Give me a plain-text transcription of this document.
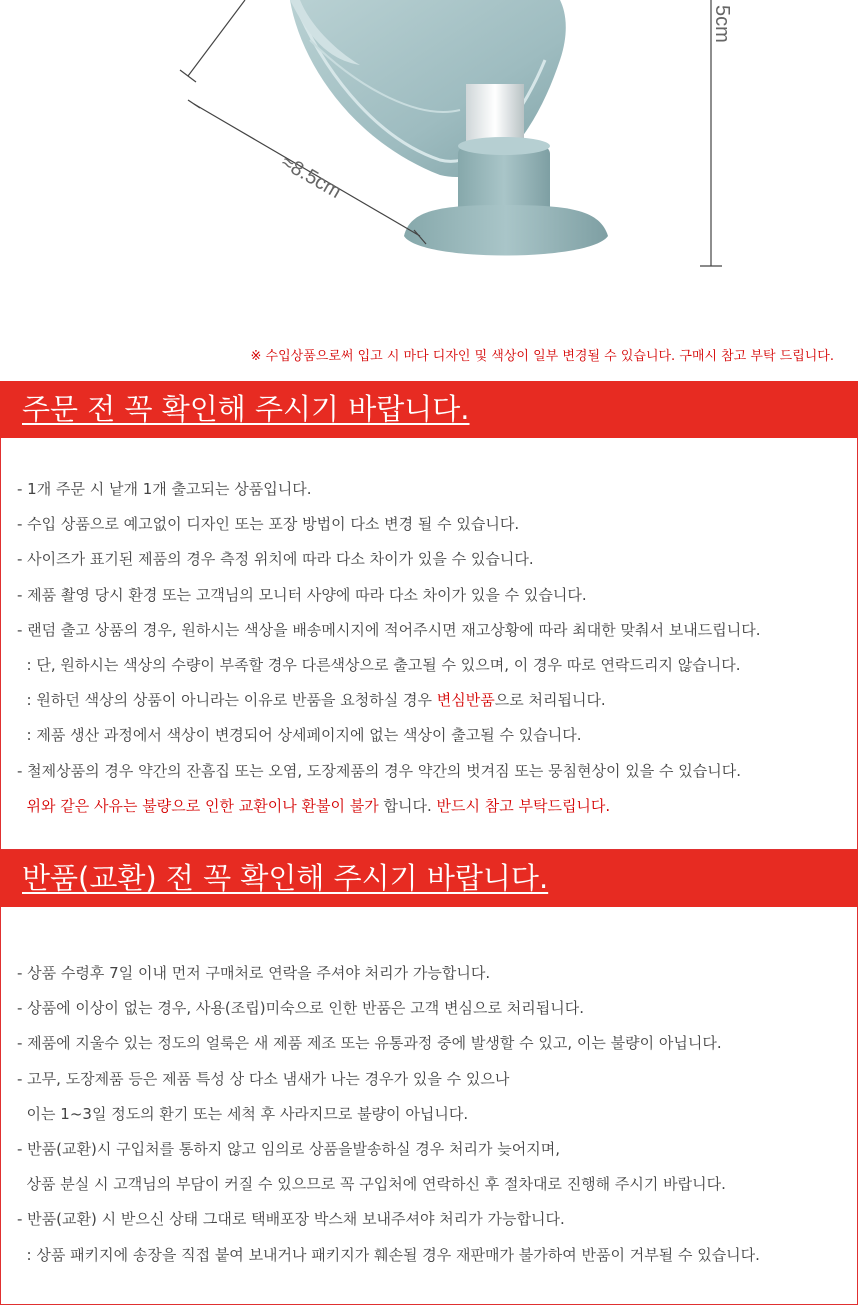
≈8.5cm
5cm
※ 수입상품으로써 입고 시 마다 디자인 및 색상이 일부 변경될 수 있습니다. 구매시 참고 부탁 드립니다.
주문 전 꼭 확인해 주시기 바랍니다.
- 1개 주문 시 낱개 1개 출고되는 상품입니다.
- 수입 상품으로 예고없이 디자인 또는 포장 방법이 다소 변경 될 수 있습니다.
- 사이즈가 표기된 제품의 경우 측정 위치에 따라 다소 차이가 있을 수 있습니다.
- 제품 촬영 당시 환경 또는 고객님의 모니터 사양에 따라 다소 차이가 있을 수 있습니다.
- 랜덤 출고 상품의 경우, 원하시는 색상을 배송메시지에 적어주시면 재고상황에 따라 최대한 맞춰서 보내드립니다.
: 단, 원하시는 색상의 수량이 부족할 경우 다른색상으로 출고될 수 있으며, 이 경우 따로 연락드리지 않습니다.
: 원하던 색상의 상품이 아니라는 이유로 반품을 요청하실 경우 변심반품으로 처리됩니다.
: 제품 생산 과정에서 색상이 변경되어 상세페이지에 없는 색상이 출고될 수 있습니다.
- 철제상품의 경우 약간의 잔흠집 또는 오염, 도장제품의 경우 약간의 벗겨짐 또는 뭉침현상이 있을 수 있습니다.
위와 같은 사유는 불량으로 인한 교환이나 환불이 불가 합니다. 반드시 참고 부탁드립니다.
반품(교환) 전 꼭 확인해 주시기 바랍니다.
- 상품 수령후 7일 이내 먼저 구매처로 연락을 주셔야 처리가 가능합니다.
- 상품에 이상이 없는 경우, 사용(조립)미숙으로 인한 반품은 고객 변심으로 처리됩니다.
- 제품에 지울수 있는 정도의 얼룩은 새 제품 제조 또는 유통과정 중에 발생할 수 있고, 이는 불량이 아닙니다.
- 고무, 도장제품 등은 제품 특성 상 다소 냄새가 나는 경우가 있을 수 있으나
이는 1~3일 정도의 환기 또는 세척 후 사라지므로 불량이 아닙니다.
- 반품(교환)시 구입처를 통하지 않고 임의로 상품을발송하실 경우 처리가 늦어지며,
상품 분실 시 고객님의 부담이 커질 수 있으므로 꼭 구입처에 연락하신 후 절차대로 진행해 주시기 바랍니다.
- 반품(교환) 시 받으신 상태 그대로 택배포장 박스채 보내주셔야 처리가 가능합니다.
: 상품 패키지에 송장을 직접 붙여 보내거나 패키지가 훼손될 경우 재판매가 불가하여 반품이 거부될 수 있습니다.
